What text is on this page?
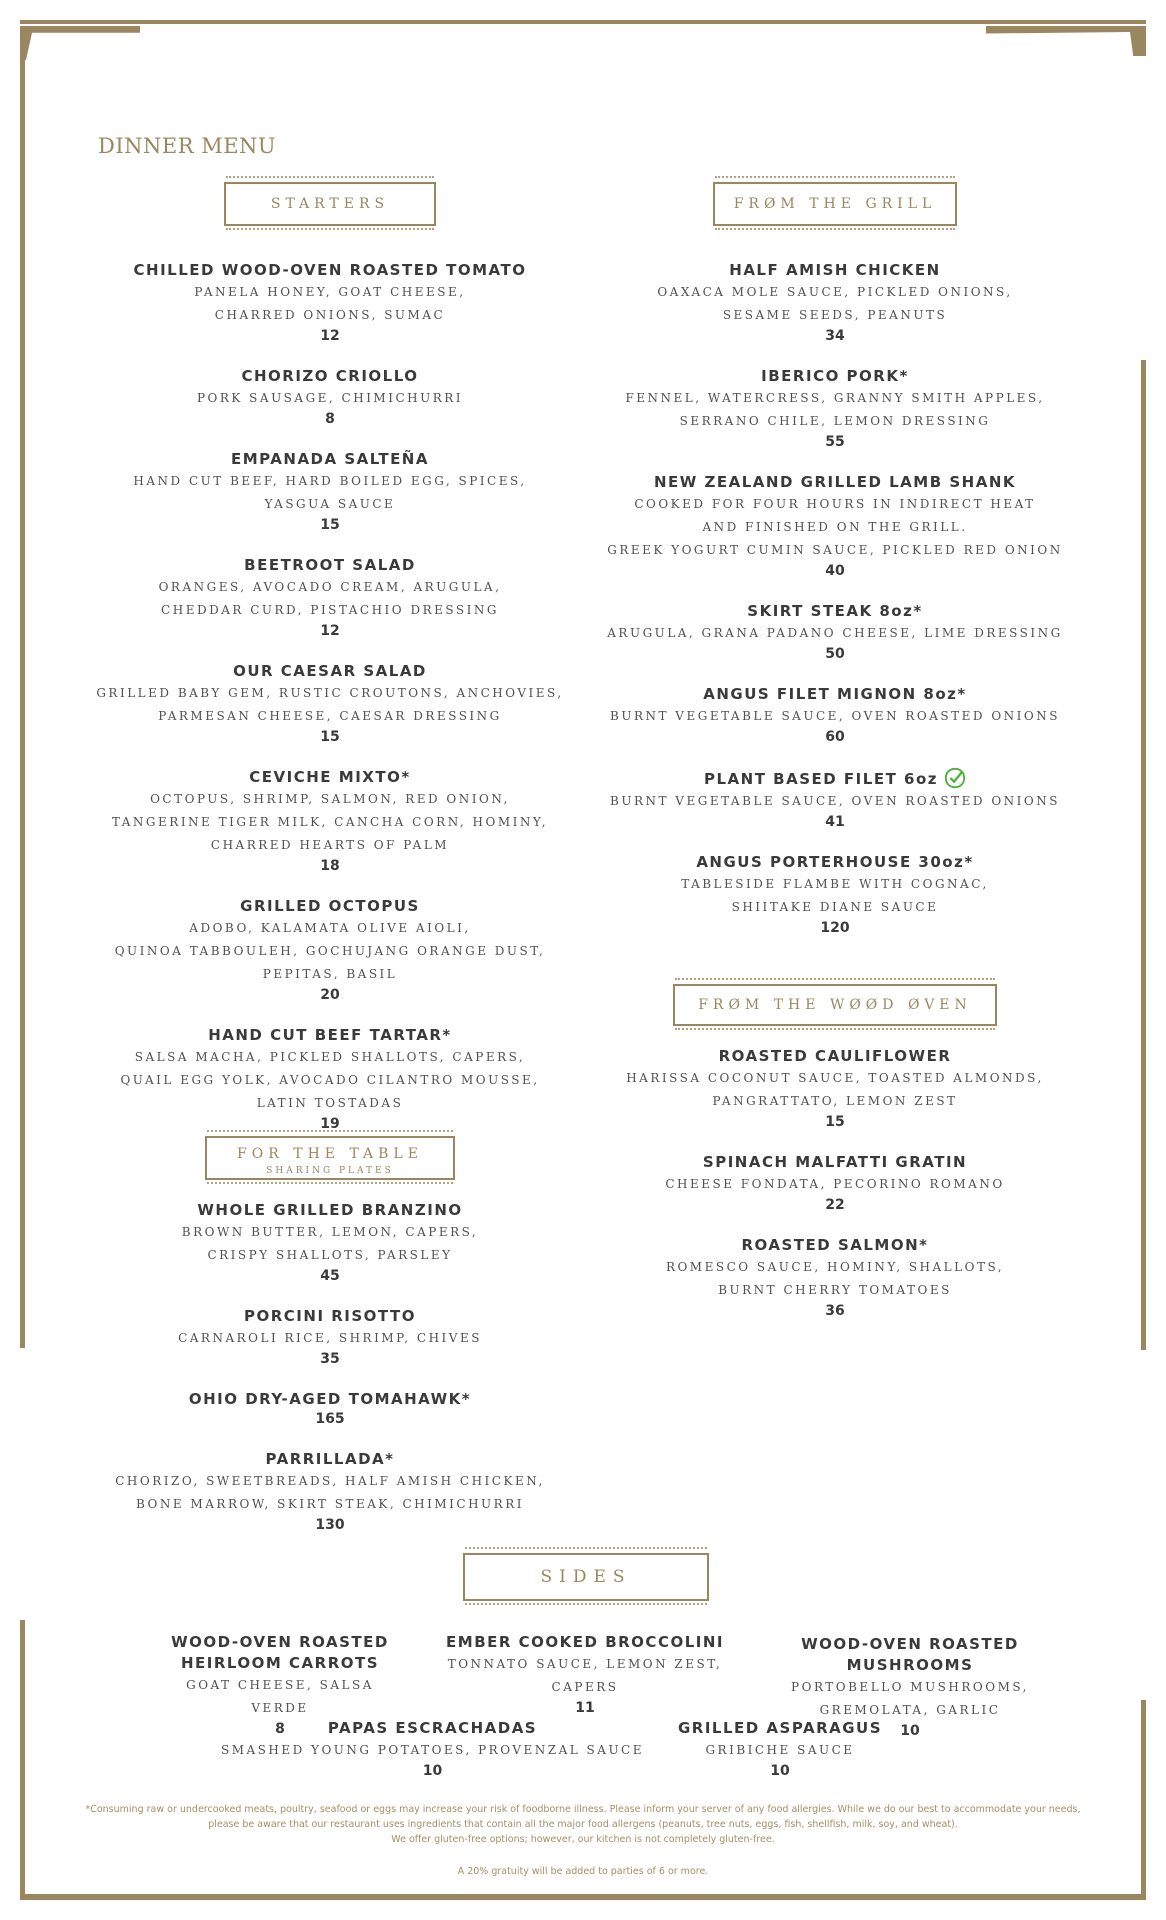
DINNER MENU
STARTERS
CHILLED WOOD-OVEN ROASTED TOMATO
PANELA HONEY, GOAT CHEESE,
CHARRED ONIONS, SUMAC
12
CHORIZO CRIOLLO
PORK SAUSAGE, CHIMICHURRI
8
EMPANADA SALTEÑA
HAND CUT BEEF, HARD BOILED EGG, SPICES,
YASGUA SAUCE
15
BEETROOT SALAD
ORANGES, AVOCADO CREAM, ARUGULA,
CHEDDAR CURD, PISTACHIO DRESSING
12
OUR CAESAR SALAD
GRILLED BABY GEM, RUSTIC CROUTONS, ANCHOVIES,
PARMESAN CHEESE, CAESAR DRESSING
15
CEVICHE MIXTO*
OCTOPUS, SHRIMP, SALMON, RED ONION,
TANGERINE TIGER MILK, CANCHA CORN, HOMINY,
CHARRED HEARTS OF PALM
18
GRILLED OCTOPUS
ADOBO, KALAMATA OLIVE AIOLI,
QUINOA TABBOULEH, GOCHUJANG ORANGE DUST,
PEPITAS, BASIL
20
HAND CUT BEEF TARTAR*
SALSA MACHA, PICKLED SHALLOTS, CAPERS,
QUAIL EGG YOLK, AVOCADO CILANTRO MOUSSE,
LATIN TOSTADAS
19
FOR THE TABLE
SHARING PLATES
WHOLE GRILLED BRANZINO
BROWN BUTTER, LEMON, CAPERS,
CRISPY SHALLOTS, PARSLEY
45
PORCINI RISOTTO
CARNAROLI RICE, SHRIMP, CHIVES
35
OHIO DRY-AGED TOMAHAWK*
165
PARRILLADA*
CHORIZO, SWEETBREADS, HALF AMISH CHICKEN,
BONE MARROW, SKIRT STEAK, CHIMICHURRI
130
FRØM THE GRILL
HALF AMISH CHICKEN
OAXACA MOLE SAUCE, PICKLED ONIONS,
SESAME SEEDS, PEANUTS
34
IBERICO PORK*
FENNEL, WATERCRESS, GRANNY SMITH APPLES,
SERRANO CHILE, LEMON DRESSING
55
NEW ZEALAND GRILLED LAMB SHANK
COOKED FOR FOUR HOURS IN INDIRECT HEAT
AND FINISHED ON THE GRILL.
GREEK YOGURT CUMIN SAUCE, PICKLED RED ONION
40
SKIRT STEAK 8oz*
ARUGULA, GRANA PADANO CHEESE, LIME DRESSING
50
ANGUS FILET MIGNON 8oz*
BURNT VEGETABLE SAUCE, OVEN ROASTED ONIONS
60
PLANT BASED FILET 6oz
BURNT VEGETABLE SAUCE, OVEN ROASTED ONIONS
41
ANGUS PORTERHOUSE 30oz*
TABLESIDE FLAMBE WITH COGNAC,
SHIITAKE DIANE SAUCE
120
FRØM THE WØØD ØVEN
ROASTED CAULIFLOWER
HARISSA COCONUT SAUCE, TOASTED ALMONDS,
PANGRATTATO, LEMON ZEST
15
SPINACH MALFATTI GRATIN
CHEESE FONDATA, PECORINO ROMANO
22
ROASTED SALMON*
ROMESCO SAUCE, HOMINY, SHALLOTS,
BURNT CHERRY TOMATOES
36
SIDES
WOOD-OVEN ROASTED
HEIRLOOM CARROTS
GOAT CHEESE, SALSA VERDE
8
EMBER COOKED BROCCOLINI
TONNATO SAUCE, LEMON ZEST,
CAPERS
11
WOOD-OVEN ROASTED MUSHROOMS
PORTOBELLO MUSHROOMS,
GREMOLATA, GARLIC
10
PAPAS ESCRACHADAS
SMASHED YOUNG POTATOES, PROVENZAL SAUCE
10
GRILLED ASPARAGUS
GRIBICHE SAUCE
10
*Consuming raw or undercooked meats, poultry, seafood or eggs may increase your risk of foodborne illness. Please inform your server of any food allergies. While we do our best to accommodate your needs,
please be aware that our restaurant uses ingredients that contain all the major food allergens (peanuts, tree nuts, eggs, fish, shellfish, milk, soy, and wheat).
We offer gluten-free options; however, our kitchen is not completely gluten-free.
A 20% gratuity will be added to parties of 6 or more.
